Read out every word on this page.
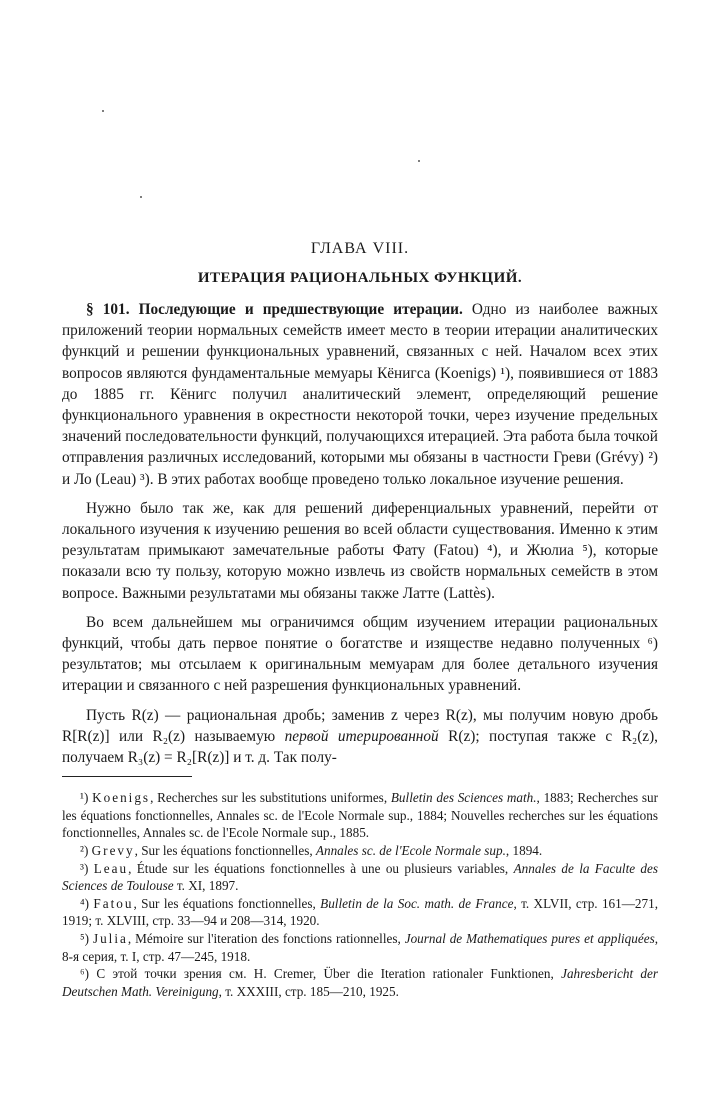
ГЛАВА VIII.
ИТЕРАЦИЯ РАЦИОНАЛЬНЫХ ФУНКЦИЙ.

§ 101. Последующие и предшествующие итерации. Одно из наиболее важных приложений теории нормальных семейств имеет место в теории итерации аналитических функций и решении функциональных уравнений, связанных с ней. Началом всех этих вопросов являются фундаментальные мемуары Кёнигса (Koenigs) ¹), появившиеся от 1883 до 1885 гг. Кёнигс получил аналитический элемент, определяющий решение функционального уравнения в окрестности некоторой точки, через изучение предельных значений последовательности функций, получающихся итерацией. Эта работа была точкой отправления различных исследований, которыми мы обязаны в частности Греви (Grévy) ²) и Ло (Leau) ³). В этих работах вообще проведено только локальное изучение решения.

Нужно было так же, как для решений диференциальных уравнений, перейти от локального изучения к изучению решения во всей области существования. Именно к этим результатам примыкают замечательные работы Фату (Fatou) ⁴), и Жюлиа ⁵), которые показали всю ту пользу, которую можно извлечь из свойств нормальных семейств в этом вопросе. Важными результатами мы обязаны также Латте (Lattès).

Во всем дальнейшем мы ограничимся общим изучением итерации рациональных функций, чтобы дать первое понятие о богатстве и изяществе недавно полученных ⁶) результатов; мы отсылаем к оригинальным мемуарам для более детального изучения итерации и связанного с ней разрешения функциональных уравнений.

Пусть R(z) — рациональная дробь; заменив z через R(z), мы получим новую дробь R[R(z)] или R₂(z) называемую первой итерированной R(z); поступая также с R₂(z), получаем R₃(z) = R₂[R(z)] и т. д. Так полу-

¹) Koenigs, Recherches sur les substitutions uniformes, Bulletin des Sciences math., 1883; Recherches sur les équations fonctionnelles, Annales sc. de l'Ecole Normale sup., 1884; Nouvelles recherches sur les équations fonctionnelles, Annales sc. de l'Ecole Normale sup., 1885.

²) Grevy, Sur les équations fonctionnelles, Annales sc. de l'Ecole Normale sup., 1894.

³) Leau, Étude sur les équations fonctionnelles à une ou plusieurs variables, Annales de la Faculte des Sciences de Toulouse т. XI, 1897.

⁴) Fatou, Sur les équations fonctionnelles, Bulletin de la Soc. math. de France, т. XLVII, стр. 161—271, 1919; т. XLVIII, стр. 33—94 и 208—314, 1920.

⁵) Julia, Mémoire sur l'iteration des fonctions rationnelles, Journal de Mathematiques pures et appliquées, 8-я серия, т. I, стр. 47—245, 1918.

⁶) С этой точки зрения см. H. Cremer, Über die Iteration rationaler Funktionen, Jahresbericht der Deutschen Math. Vereinigung, т. XXXIII, стр. 185—210, 1925.
